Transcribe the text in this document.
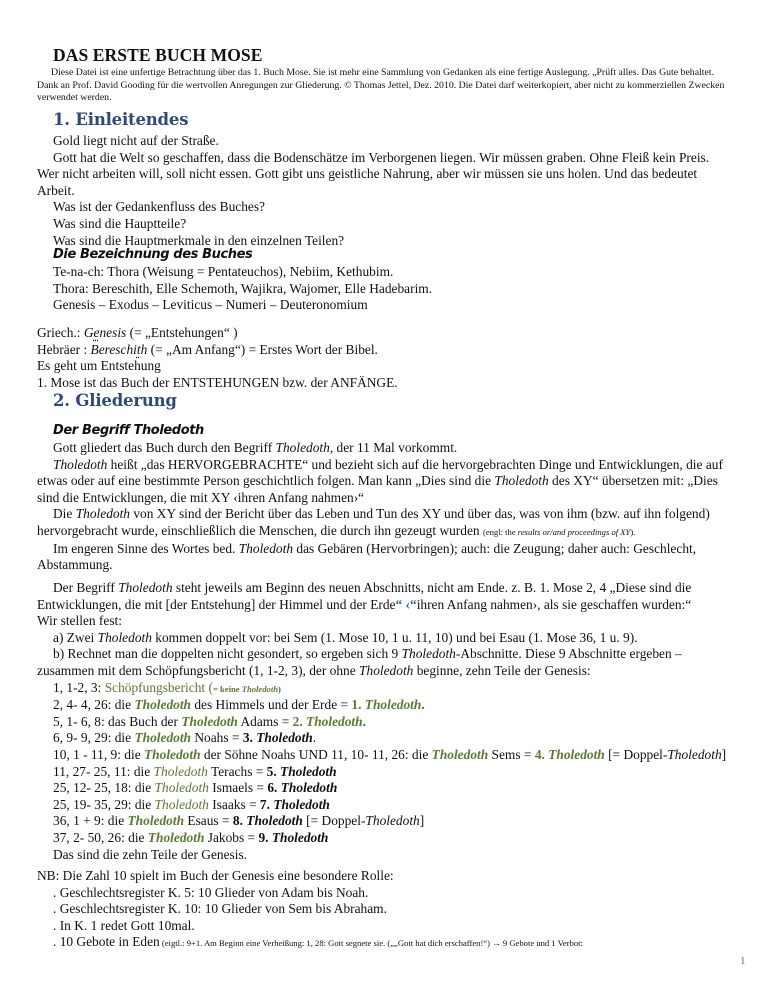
DAS ERSTE BUCH MOSE

Diese Datei ist eine unfertige Betrachtung über das 1. Buch Mose. Sie ist mehr eine Sammlung von Gedanken als eine fertige Auslegung. „Prüft alles. Das Gute behaltet. Dank an Prof. David Gooding für die wertvollen Anregungen zur Gliederung. © Thomas Jettel, Dez. 2010. Die Datei darf weiterkopiert, aber nicht zu kommerziellen Zwecken verwendet werden.

1. Einleitendes

Gold liegt nicht auf der Straße.

Gott hat die Welt so geschaffen, dass die Bodenschätze im Verborgenen liegen. Wir müssen graben. Ohne Fleiß kein Preis. Wer nicht arbeiten will, soll nicht essen. Gott gibt uns geistliche Nahrung, aber wir müssen sie uns holen. Und das bedeutet Arbeit.

Was ist der Gedankenfluss des Buches?

Was sind die Hauptteile?

Was sind die Hauptmerkmale in den einzelnen Teilen?

Die Bezeichnung des Buches

Te-na-ch: Thora (Weisung = Pentateuchos), Nebiim, Kethubim.

Thora: Bereschith, Elle Schemoth, Wajikra, Wajomer, Elle Hadebarim.

Genesis – Exodus – Leviticus – Numeri – Deuteronomium

Griech.: Genesis (= „Entstehungen“ )

Hebräer : Bereschith (= „Am Anfang“) = Erstes Wort der Bibel.

Es geht um Entstehung

1. Mose ist das Buch der ENTSTEHUNGEN bzw. der ANFÄNGE.

2. Gliederung
Der Begriff Tholedoth

Gott gliedert das Buch durch den Begriff Tholedoth, der 11 Mal vorkommt.

Tholedoth heißt „das HERVORGEBRACHTE“ und bezieht sich auf die hervorgebrachten Dinge und Entwicklungen, die auf etwas oder auf eine bestimmte Person geschichtlich folgen. Man kann „Dies sind die Tholedoth des XY“ übersetzen mit: „Dies sind die Entwicklungen, die mit XY ‹ihren Anfang nahmen›“

Die Tholedoth von XY sind der Bericht über das Leben und Tun des XY und über das, was von ihm (bzw. auf ihn folgend) hervorgebracht wurde, einschließlich die Menschen, die durch ihn gezeugt wurden (engl: the results or/and proceedings of XY).

Im engeren Sinne des Wortes bed. Tholedoth das Gebären (Hervorbringen); auch: die Zeugung; daher auch: Geschlecht, Abstammung.

Der Begriff Tholedoth steht jeweils am Beginn des neuen Abschnitts, nicht am Ende. z. B. 1. Mose 2, 4 „Diese sind die Entwicklungen, die mit [der Entstehung] der Himmel und der Erde“ ‹“ihren Anfang nahmen›, als sie geschaffen wurden:“

Wir stellen fest:

a) Zwei Tholedoth kommen doppelt vor: bei Sem (1. Mose 10, 1 u. 11, 10) und bei Esau (1. Mose 36, 1 u. 9).

b) Rechnet man die doppelten nicht gesondert, so ergeben sich 9 Tholedoth-Abschnitte. Diese 9 Abschnitte ergeben – zusammen mit dem Schöpfungsbericht (1, 1-2, 3), der ohne Tholedoth beginne, zehn Teile der Genesis:

1, 1-2, 3: Schöpfungsbericht (= keine Tholedoth)

2, 4- 4, 26: die Tholedoth des Himmels und der Erde = 1. Tholedoth.

5, 1- 6, 8: das Buch der Tholedoth Adams = 2. Tholedoth.

6, 9- 9, 29: die Tholedoth Noahs = 3. Tholedoth.

10, 1 - 11, 9: die Tholedoth der Söhne Noahs UND 11, 10- 11, 26: die Tholedoth Sems = 4. Tholedoth [= Doppel-Tholedoth]

11, 27- 25, 11: die Tholedoth Terachs = 5. Tholedoth

25, 12- 25, 18: die Tholedoth Ismaels = 6. Tholedoth

25, 19- 35, 29: die Tholedoth Isaaks = 7. Tholedoth

36, 1 + 9: die Tholedoth Esaus = 8. Tholedoth [= Doppel-Tholedoth]

37, 2- 50, 26: die Tholedoth Jakobs = 9. Tholedoth

Das sind die zehn Teile der Genesis.

NB: Die Zahl 10 spielt im Buch der Genesis eine besondere Rolle:

. Geschlechtsregister K. 5: 10 Glieder von Adam bis Noah.

. Geschlechtsregister K. 10: 10 Glieder von Sem bis Abraham.

. In K. 1 redet Gott 10mal.

. 10 Gebote in Eden (eigtl.: 9+1. Am Beginn eine Verheißung: 1, 28: Gott segnete sie. („„Gott hat dich erschaffen!“) → 9 Gebote und 1 Verbot:

1
